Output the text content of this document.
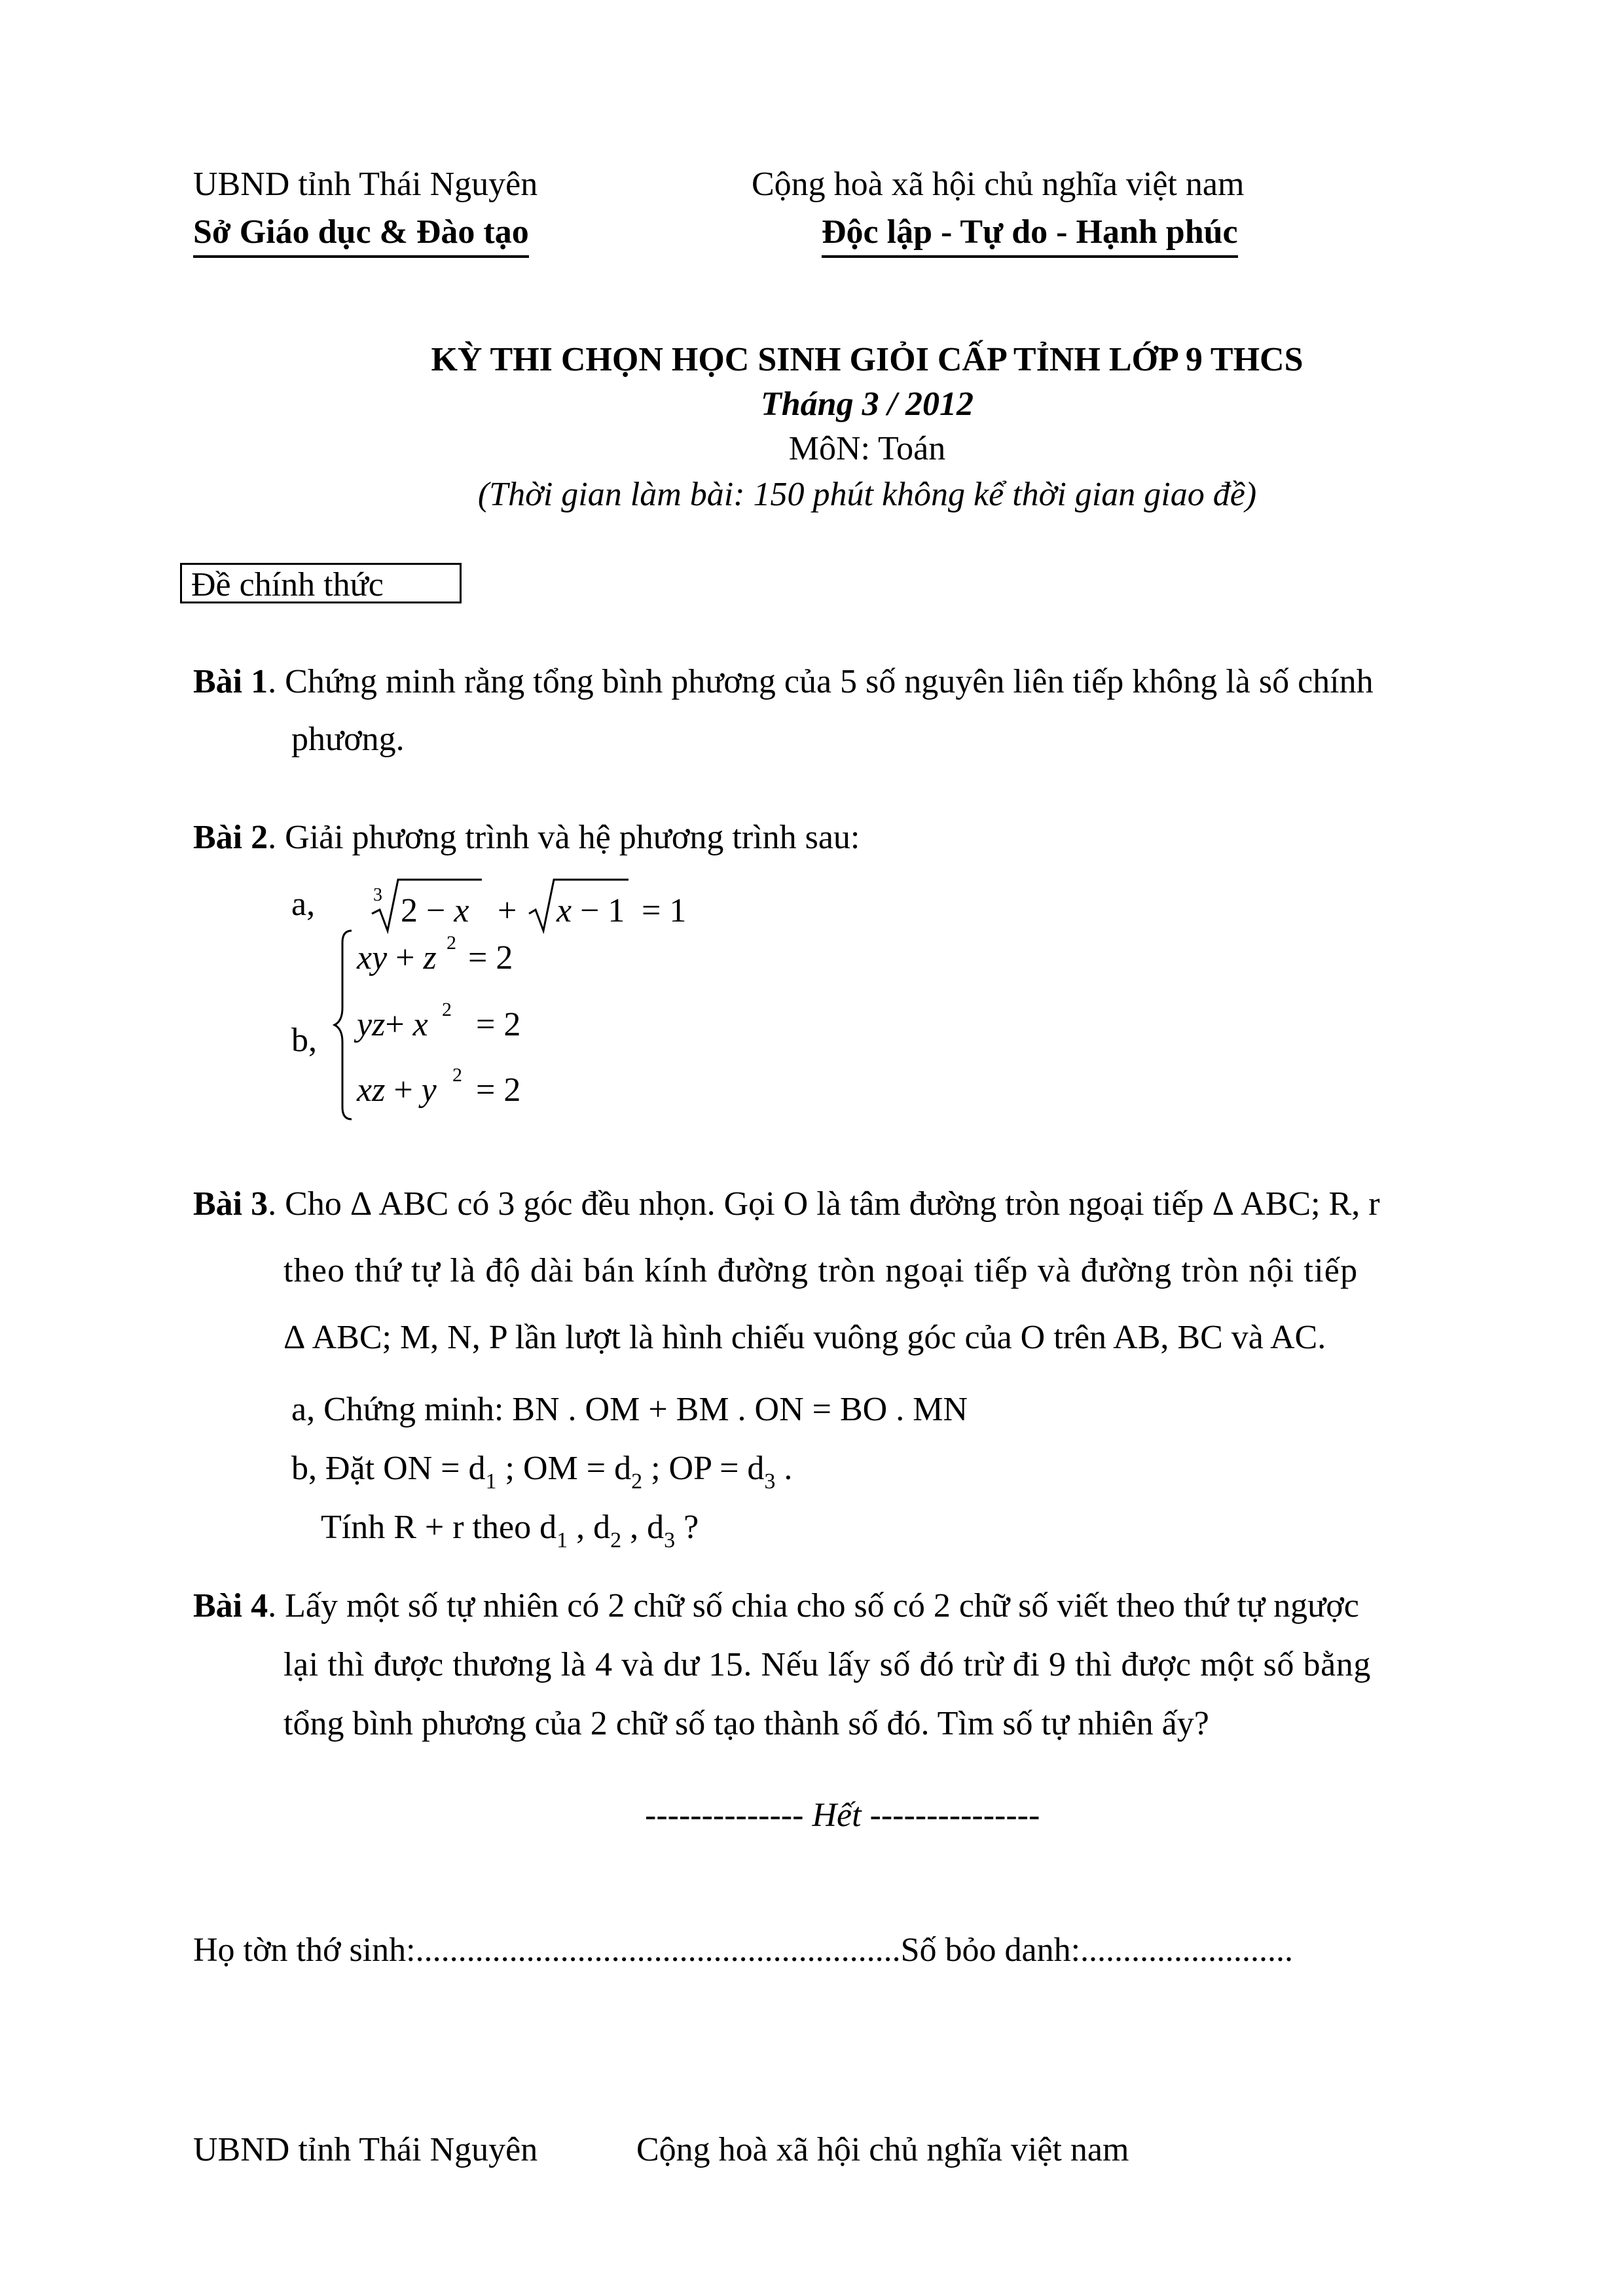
UBND tỉnh Thái Nguyên
Sở Giáo dục & Đào tạo
Cộng hoà xã hội chủ nghĩa việt nam
Độc lập - Tự do - Hạnh phúc
KỲ THI CHỌN HỌC SINH GIỎI CẤP TỈNH LỚP 9 THCS
Tháng 3 / 2012
MôN: Toán
(Thời gian làm bài: 150 phút không kể thời gian giao đề)
Đề chính thức
Bài 1. Chứng minh rằng tổng bình phương của 5 số nguyên liên tiếp không là số chính
phương.
Bài 2. Giải phương trình và hệ phương trình sau:
a,	3 2 − x + x − 1 = 1
b,
xy + z 2 = 2
yz+ x 2 = 2
xz + y 2 = 2
Bài 3. Cho Δ ABC có 3 góc đều nhọn. Gọi O là tâm đường tròn ngoại tiếp Δ ABC; R, r
theo thứ tự là độ dài bán kính đường tròn ngoại tiếp và đường tròn nội tiếp
Δ ABC; M, N, P lần lượt là hình chiếu vuông góc của O trên AB, BC và AC.
a, Chứng minh: BN . OM + BM . ON = BO . MN
b, Đặt ON = $d_1$ ; OM = $d_2$ ; OP = $d_3$ .
Tính R + r theo $d_1$ , $d_2$ , $d_3$ ?
Bài 4. Lấy một số tự nhiên có 2 chữ số chia cho số có 2 chữ số viết theo thứ tự ngược
lại thì được thương là 4 và dư 15. Nếu lấy số đó trừ đi 9 thì được một số bằng
tổng bình phương của 2 chữ số tạo thành số đó. Tìm số tự nhiên ấy?
-------------- Hết ---------------
Họ tờn thớ sinh:.........................................................Số bỏo danh:.........................
UBND tỉnh Thái Nguyên	Cộng hoà xã hội chủ nghĩa việt nam
